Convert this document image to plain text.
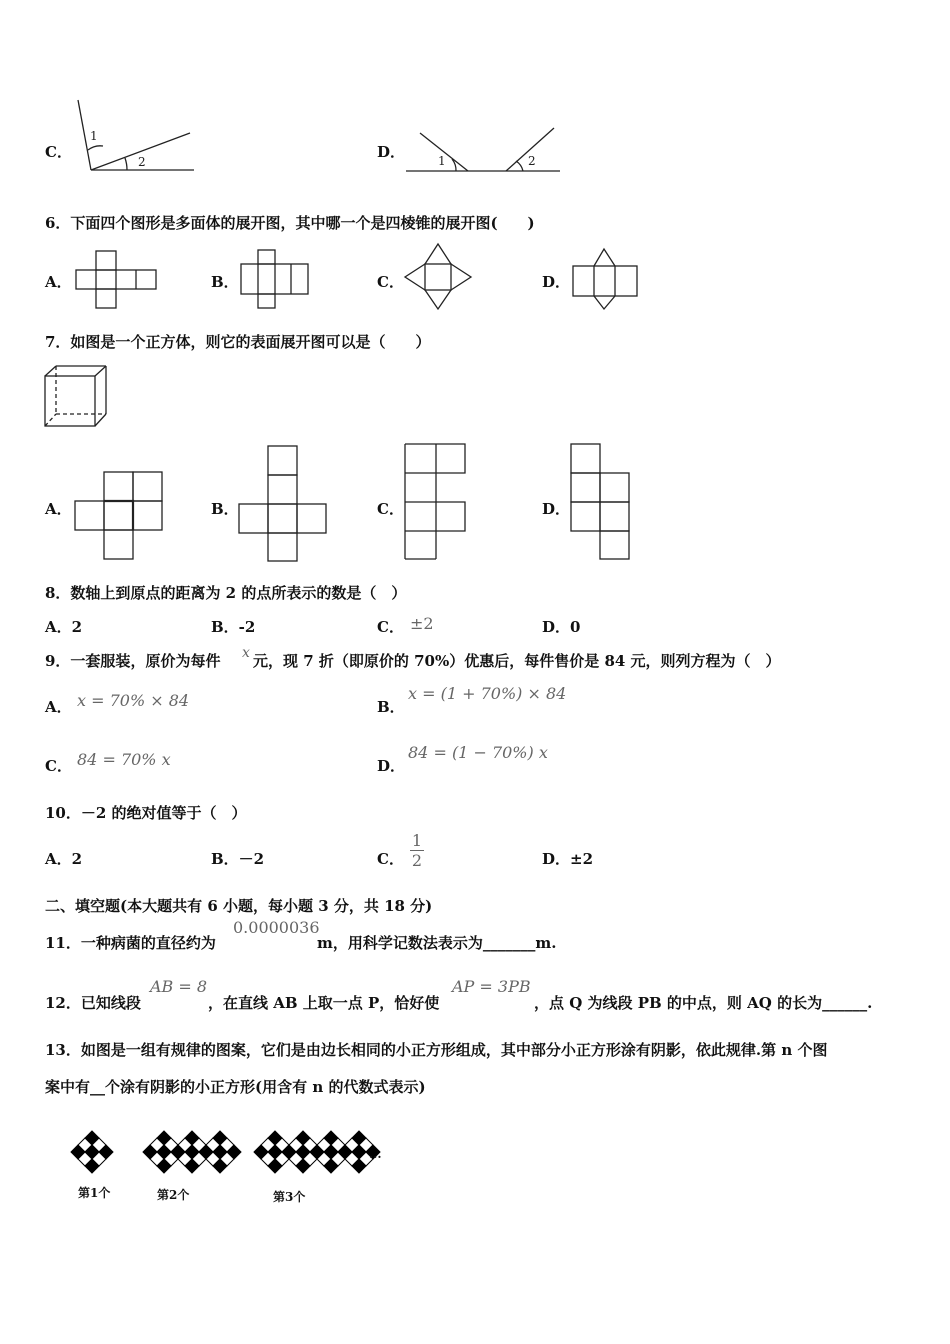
C．
1
2
D．	1	2
6．下面四个图形是多面体的展开图，其中哪一个是四棱锥的展开图(　　)
A．	B．	C．	D．
7．如图是一个正方体，则它的表面展开图可以是（　　）
A．	B．	C．	D．
8．数轴上到原点的距离为 2 的点所表示的数是（　）
A．2	B．-2	C． ±2	D．0
9．一套服装，原价为每件 x 元，现 7 折（即原价的 70%）优惠后，每件售价是 84 元，则列方程为（　）
A． x = 70% × 84	B．
x = (1 + 70%) × 84
C． 84 = 70% x	D．
84 = (1 − 70%) x
10．－2 的绝对值等于（　）
A．2	B．－2	C．
1
2	D．±2
二、填空题(本大题共有 6 小题，每小题 3 分，共 18 分)
11．一种病菌的直径约为
0.0000036
m，用科学记数法表示为_______m.
12．已知线段
AB = 8
，在直线 AB 上取一点 P，恰好使
AP = 3PB
，点 Q 为线段 PB 的中点，则 AQ 的长为______.
13．如图是一组有规律的图案，它们是由边长相同的小正方形组成，其中部分小正方形涂有阴影，依此规律.第 n 个图
案中有__个涂有阴影的小正方形(用含有 n 的代数式表示)
第1个	第2个	第3个
···
